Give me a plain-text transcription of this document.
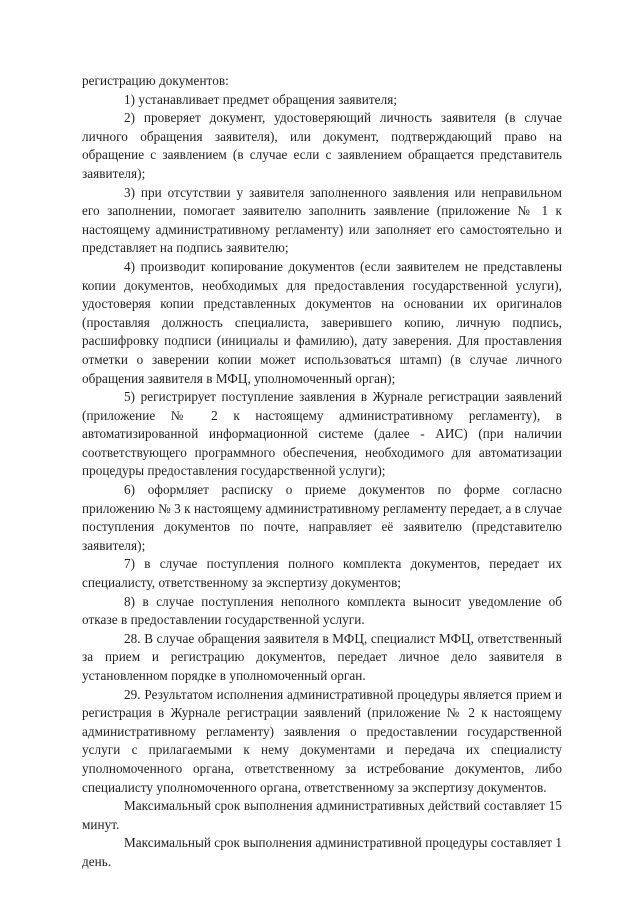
регистрацию документов:

1) устанавливает предмет обращения заявителя;

2) проверяет документ, удостоверяющий личность заявителя (в случае личного обращения заявителя), или документ, подтверждающий право на обращение с заявлением (в случае если с заявлением обращается представитель заявителя);

3) при отсутствии у заявителя заполненного заявления или неправильном его заполнении, помогает заявителю заполнить заявление (приложение № 1 к настоящему административному регламенту) или заполняет его самостоятельно и представляет на подпись заявителю;

4) производит копирование документов (если заявителем не представлены копии документов, необходимых для предоставления государственной услуги), удостоверяя копии представленных документов на основании их оригиналов (проставляя должность специалиста, заверившего копию, личную подпись, расшифровку подписи (инициалы и фамилию), дату заверения. Для проставления отметки о заверении копии может использоваться штамп) (в случае личного обращения заявителя в МФЦ, уполномоченный орган);

5) регистрирует поступление заявления в Журнале регистрации заявлений (приложение № 2 к настоящему административному регламенту), в автоматизированной информационной системе (далее - АИС) (при наличии соответствующего программного обеспечения, необходимого для автоматизации процедуры предоставления государственной услуги);

6) оформляет расписку о приеме документов по форме согласно приложению № 3 к настоящему административному регламенту передает, а в случае поступления документов по почте, направляет её заявителю (представителю заявителя);

7) в случае поступления полного комплекта документов, передает их специалисту, ответственному за экспертизу документов;

8) в случае поступления неполного комплекта выносит уведомление об отказе в предоставлении государственной услуги.

28. В случае обращения заявителя в МФЦ, специалист МФЦ, ответственный за прием и регистрацию документов, передает личное дело заявителя в установленном порядке в уполномоченный орган.

29. Результатом исполнения административной процедуры является прием и регистрация в Журнале регистрации заявлений (приложение № 2 к настоящему административному регламенту) заявления о предоставлении государственной услуги с прилагаемыми к нему документами и передача их специалисту уполномоченного органа, ответственному за истребование документов, либо специалисту уполномоченного органа, ответственному за экспертизу документов.

Максимальный срок выполнения административных действий составляет 15 минут.

Максимальный срок выполнения административной процедуры составляет 1 день.
